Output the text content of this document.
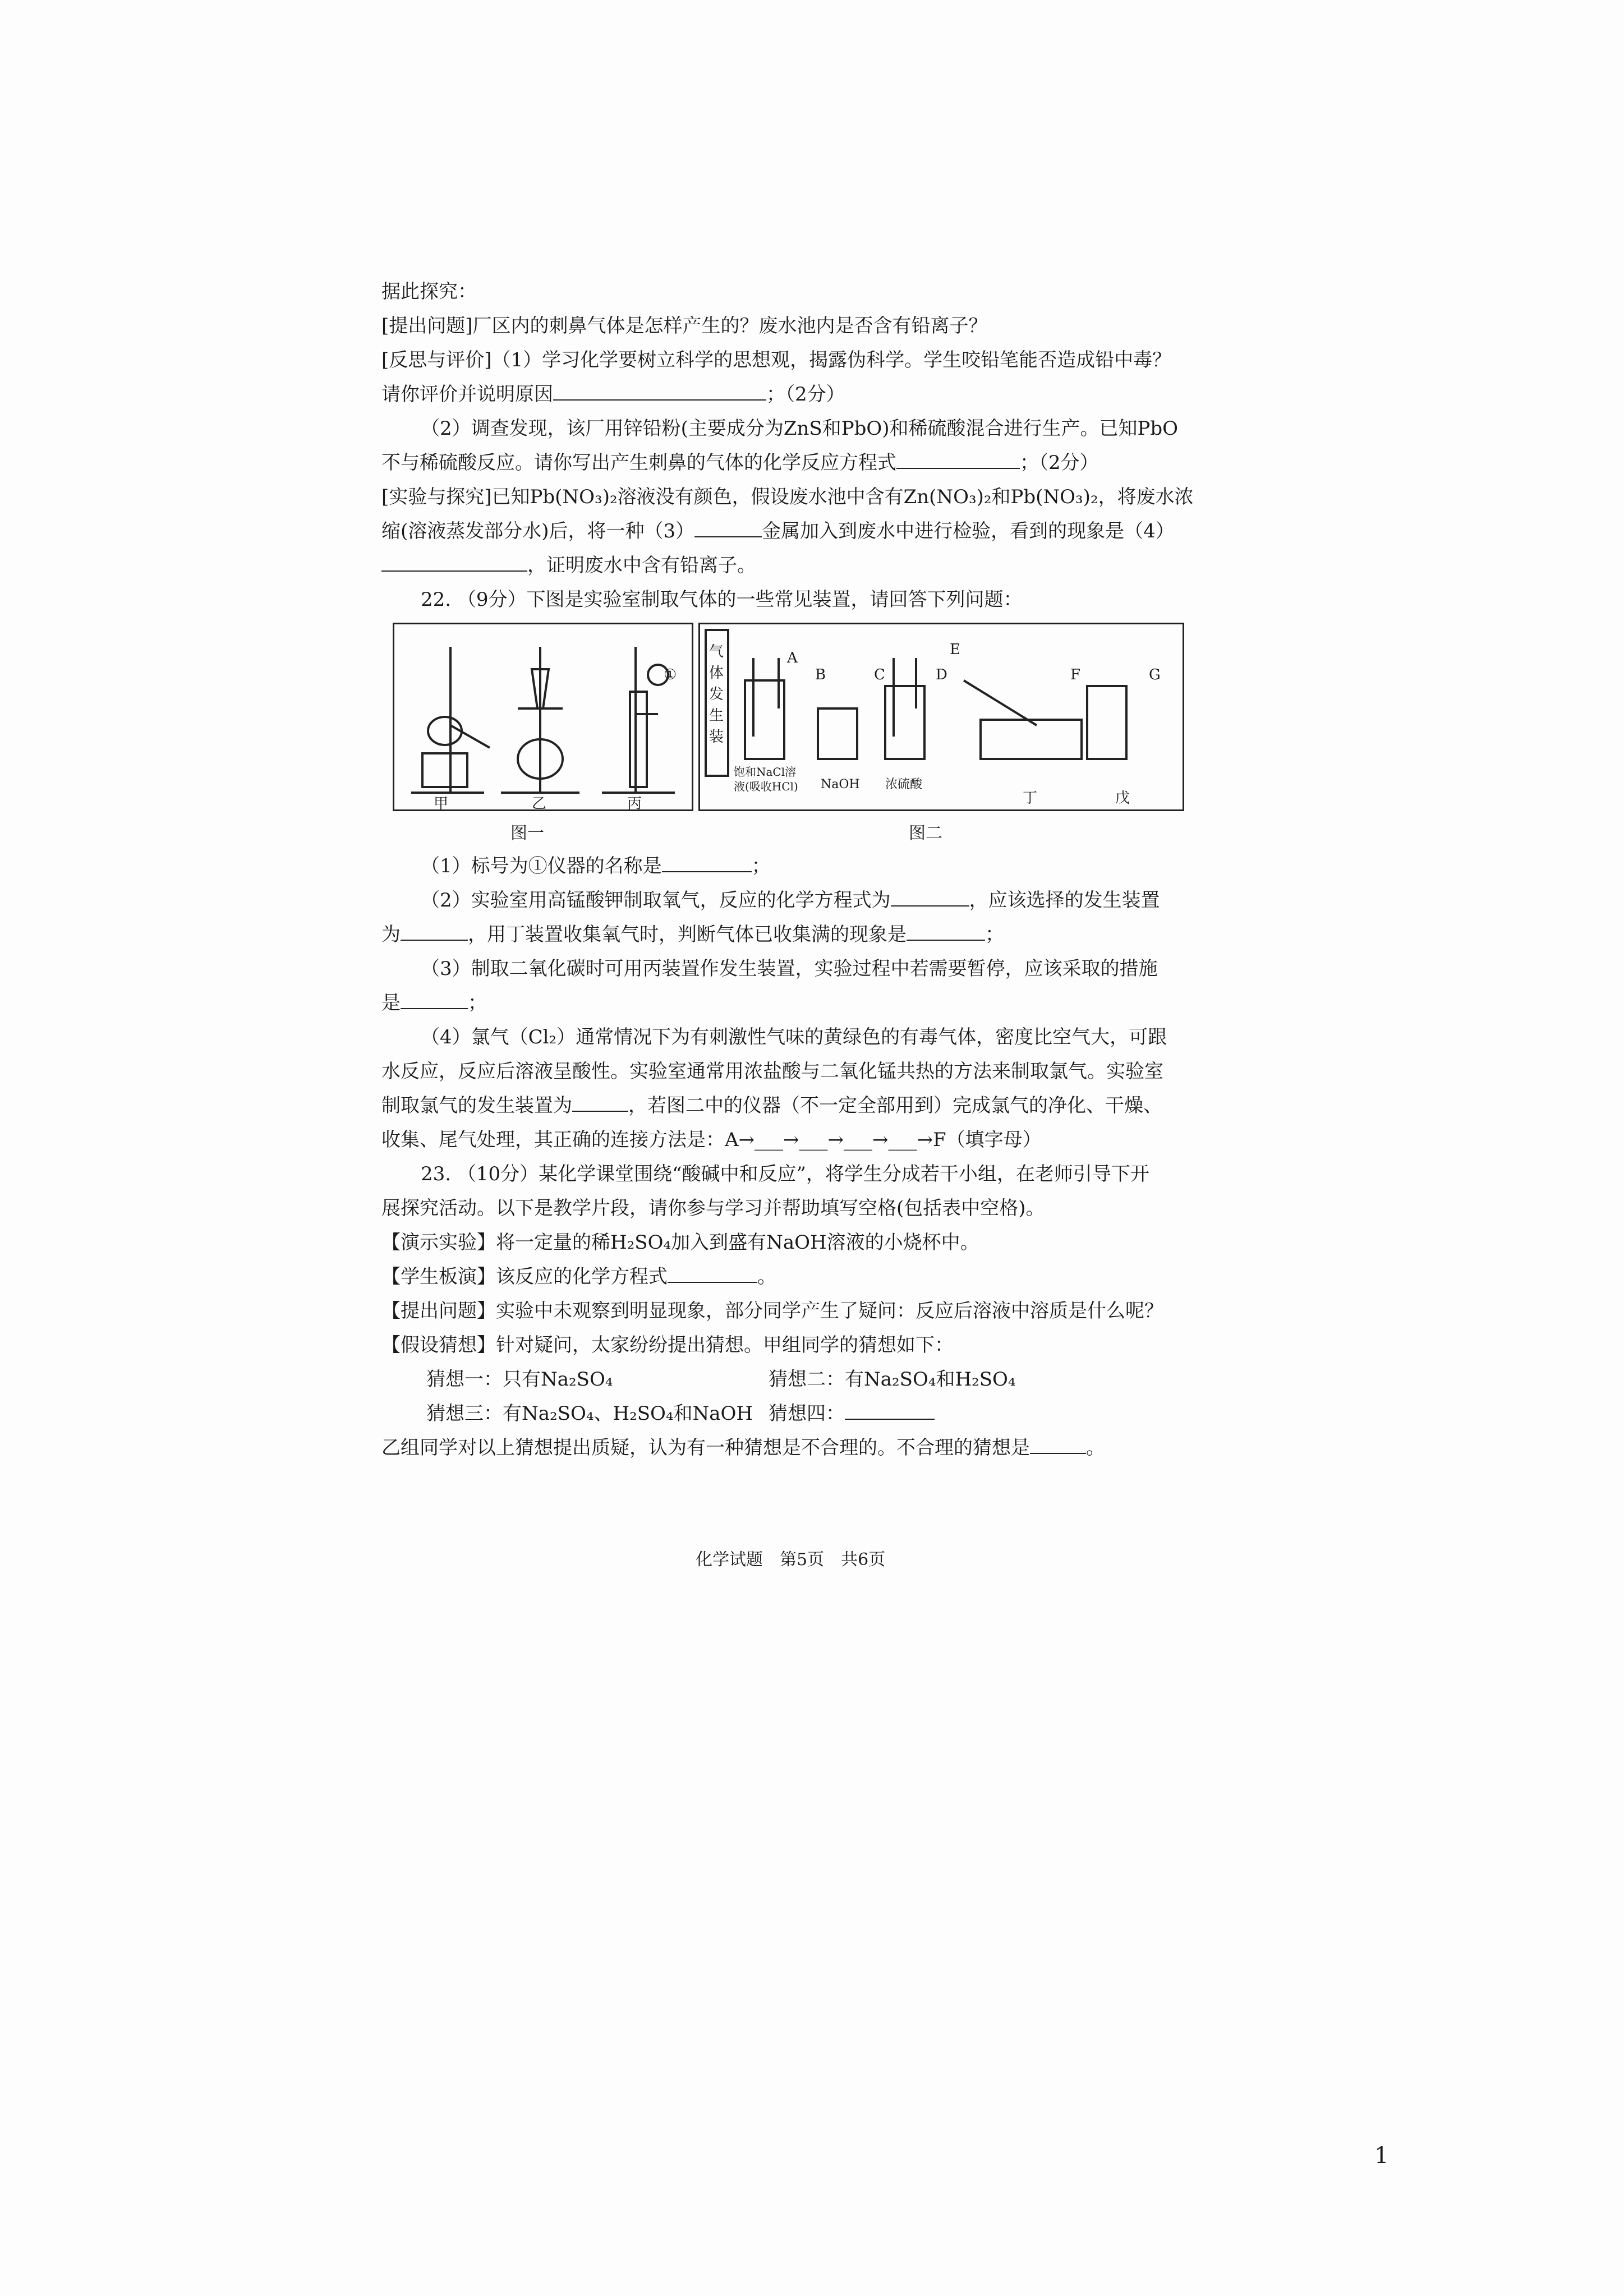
据此探究：
[提出问题]厂区内的刺鼻气体是怎样产生的？废水池内是否含有铅离子？
[反思与评价]（1）学习化学要树立科学的思想观，揭露伪科学。学生咬铅笔能否造成铅中毒？
请你评价并说明原因	；（2分）
（2）调查发现，该厂用锌铅粉(主要成分为ZnS和PbO)和稀硫酸混合进行生产。已知PbO
不与稀硫酸反应。请你写出产生刺鼻的气体的化学反应方程式	；（2分）
[实验与探究]已知Pb(NO₃)₂溶液没有颜色，假设废水池中含有Zn(NO₃)₂和Pb(NO₃)₂，将废水浓
缩(溶液蒸发部分水)后，将一种（3）	金属加入到废水中进行检验，看到的现象是（4）
，证明废水中含有铅离子。
22. （9分）下图是实验室制取气体的一些常见装置，请回答下列问题：
甲	乙	丙
①
图一
气体发生装
A
B	C	D
E
F	G
饱和NaCl溶液(吸收HCl)	NaOH 浓硫酸
丁	戊
图二
（1）标号为①仪器的名称是	；
（2）实验室用高锰酸钾制取氧气，反应的化学方程式为	，应该选择的发生装置
为	，用丁装置收集氧气时，判断气体已收集满的现象是	；
（3）制取二氧化碳时可用丙装置作发生装置，实验过程中若需要暂停，应该采取的措施
是	；
（4）氯气（Cl₂）通常情况下为有刺激性气味的黄绿色的有毒气体，密度比空气大，可跟
水反应，反应后溶液呈酸性。实验室通常用浓盐酸与二氧化锰共热的方法来制取氯气。实验室
制取氯气的发生装置为	，若图二中的仪器（不一定全部用到）完成氯气的净化、干燥、
收集、尾气处理，其正确的连接方法是：A→___→___→___→___→F（填字母）
23. （10分）某化学课堂围绕“酸碱中和反应”，将学生分成若干小组，在老师引导下开
展探究活动。以下是教学片段，请你参与学习并帮助填写空格(包括表中空格)。
【演示实验】将一定量的稀H₂SO₄加入到盛有NaOH溶液的小烧杯中。
【学生板演】该反应的化学方程式	。
【提出问题】实验中未观察到明显现象，部分同学产生了疑问：反应后溶液中溶质是什么呢？
【假设猜想】针对疑问，太家纷纷提出猜想。甲组同学的猜想如下：
猜想一：只有Na₂SO₄	猜想二：有Na₂SO₄和H₂SO₄
猜想三：有Na₂SO₄、H₂SO₄和NaOH 猜想四：
乙组同学对以上猜想提出质疑，认为有一种猜想是不合理的。不合理的猜想是	。
化学试题　第5页　共6页
1
